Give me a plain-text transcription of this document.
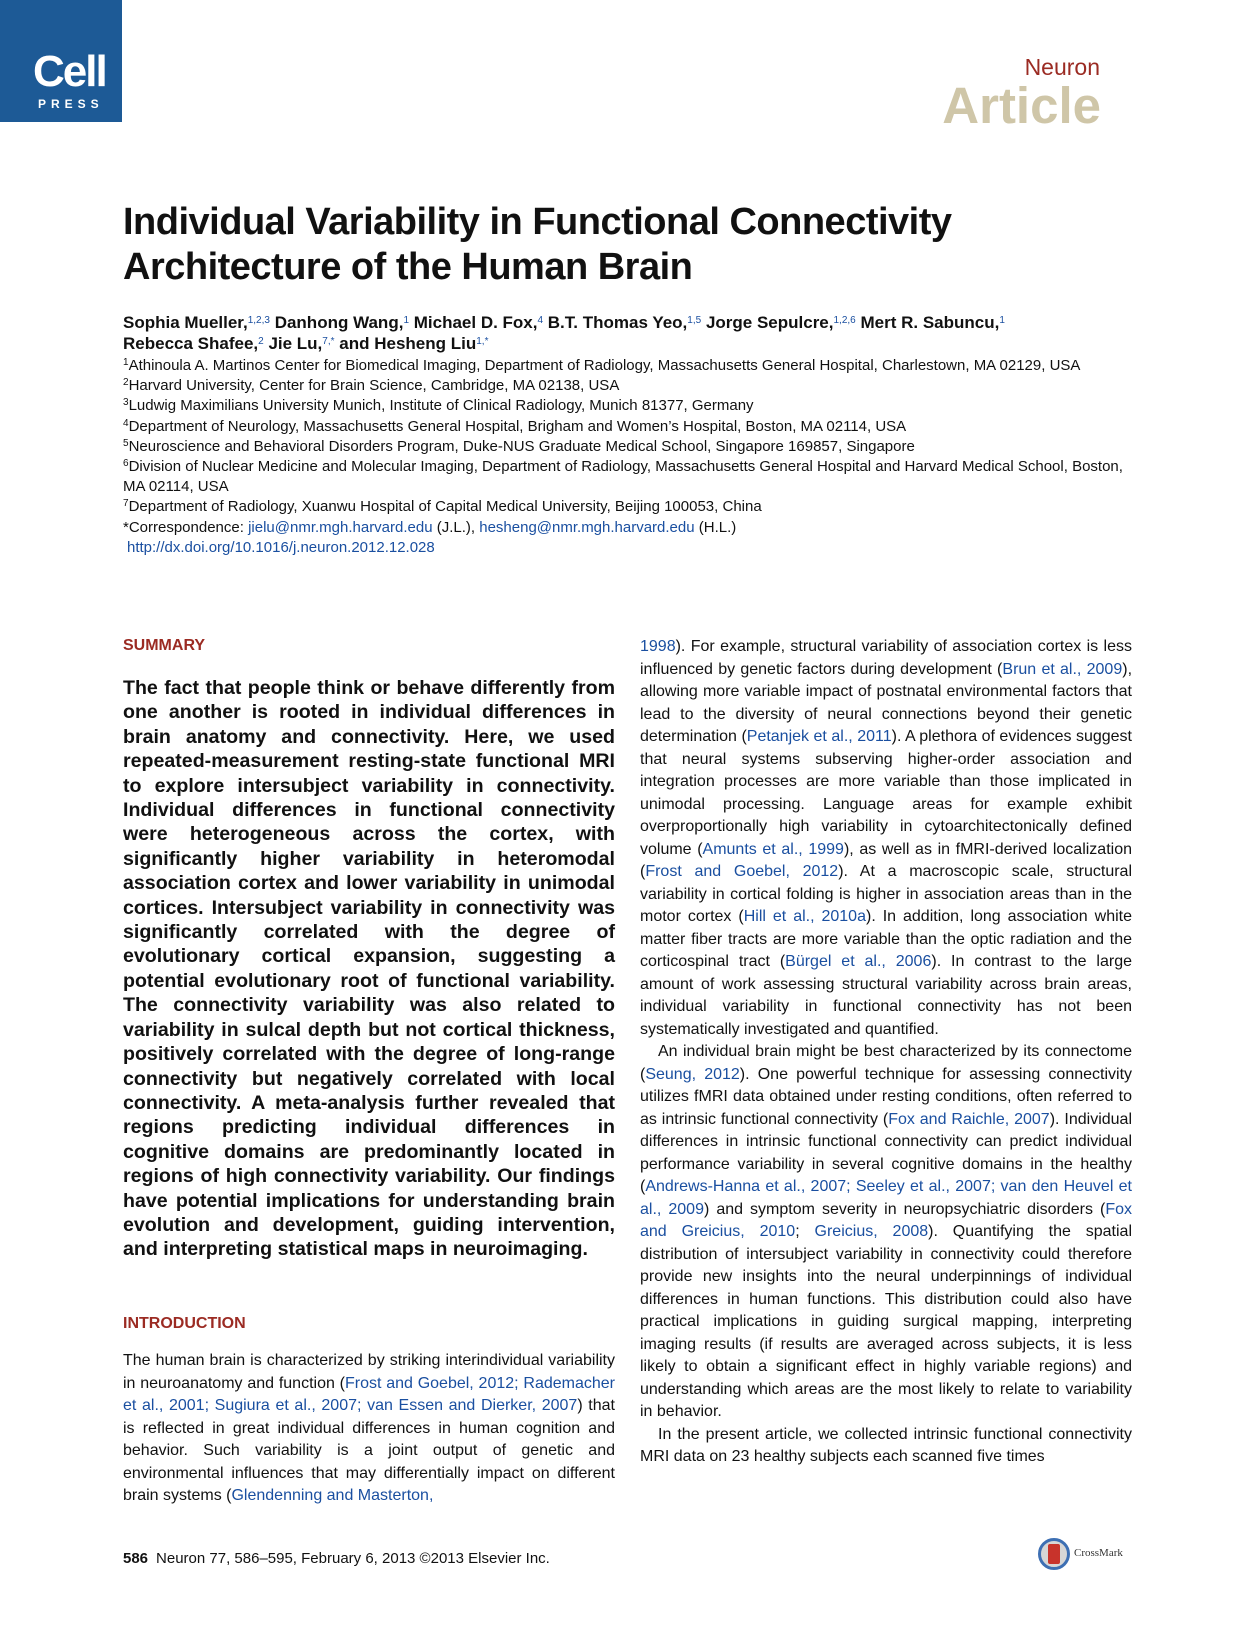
Cell
PRESS
Neuron
Article
Individual Variability in Functional Connectivity Architecture of the Human Brain
Sophia Mueller,$^{1,2,3}$ Danhong Wang,$^1$ Michael D. Fox,$^4$ B.T. Thomas Yeo,$^{1,5}$ Jorge Sepulcre,$^{1,2,6}$ Mert R. Sabuncu,$^1$
Rebecca Shafee,$^2$ Jie Lu,$^{7,*}$ and Hesheng Liu$^{1,*}$

$^1$Athinoula A. Martinos Center for Biomedical Imaging, Department of Radiology, Massachusetts General Hospital, Charlestown, MA 02129, USA

$^2$Harvard University, Center for Brain Science, Cambridge, MA 02138, USA

$^3$Ludwig Maximilians University Munich, Institute of Clinical Radiology, Munich 81377, Germany

$^4$Department of Neurology, Massachusetts General Hospital, Brigham and Women’s Hospital, Boston, MA 02114, USA

$^5$Neuroscience and Behavioral Disorders Program, Duke-NUS Graduate Medical School, Singapore 169857, Singapore

$^6$Division of Nuclear Medicine and Molecular Imaging, Department of Radiology, Massachusetts General Hospital and Harvard Medical School, Boston, MA 02114, USA

$^7$Department of Radiology, Xuanwu Hospital of Capital Medical University, Beijing 100053, China

*Correspondence: jielu@nmr.mgh.harvard.edu (J.L.), hesheng@nmr.mgh.harvard.edu (H.L.)

http://dx.doi.org/10.1016/j.neuron.2012.12.028

SUMMARY

The fact that people think or behave differently from one another is rooted in individual differences in brain anatomy and connectivity. Here, we used repeated-measurement resting-state functional MRI to explore intersubject variability in connectivity. Individual differences in functional connectivity were heterogeneous across the cortex, with significantly higher variability in heteromodal association cortex and lower variability in unimodal cortices. Intersubject variability in connectivity was significantly correlated with the degree of evolutionary cortical expansion, suggesting a potential evolutionary root of functional variability. The connectivity variability was also related to variability in sulcal depth but not cortical thickness, positively correlated with the degree of long-range connectivity but negatively correlated with local connectivity. A meta-analysis further revealed that regions predicting individual differences in cognitive domains are predominantly located in regions of high connectivity variability. Our findings have potential implications for understanding brain evolution and development, guiding intervention, and interpreting statistical maps in neuroimaging.

INTRODUCTION

The human brain is characterized by striking interindividual variability in neuroanatomy and function (Frost and Goebel, 2012; Rademacher et al., 2001; Sugiura et al., 2007; van Essen and Dierker, 2007) that is reflected in great individual differences in human cognition and behavior. Such variability is a joint output of genetic and environmental influences that may differentially impact on different brain systems (Glendenning and Masterton,

1998). For example, structural variability of association cortex is less influenced by genetic factors during development (Brun et al., 2009), allowing more variable impact of postnatal environmental factors that lead to the diversity of neural connections beyond their genetic determination (Petanjek et al., 2011). A plethora of evidences suggest that neural systems subserving higher-order association and integration processes are more variable than those implicated in unimodal processing. Language areas for example exhibit overproportionally high variability in cytoarchitectonically defined volume (Amunts et al., 1999), as well as in fMRI-derived localization (Frost and Goebel, 2012). At a macroscopic scale, structural variability in cortical folding is higher in association areas than in the motor cortex (Hill et al., 2010a). In addition, long association white matter fiber tracts are more variable than the optic radiation and the corticospinal tract (Bürgel et al., 2006). In contrast to the large amount of work assessing structural variability across brain areas, individual variability in functional connectivity has not been systematically investigated and quantified.

An individual brain might be best characterized by its connectome (Seung, 2012). One powerful technique for assessing connectivity utilizes fMRI data obtained under resting conditions, often referred to as intrinsic functional connectivity (Fox and Raichle, 2007). Individual differences in intrinsic functional connectivity can predict individual performance variability in several cognitive domains in the healthy (Andrews-Hanna et al., 2007; Seeley et al., 2007; van den Heuvel et al., 2009) and symptom severity in neuropsychiatric disorders (Fox and Greicius, 2010; Greicius, 2008). Quantifying the spatial distribution of intersubject variability in connectivity could therefore provide new insights into the neural underpinnings of individual differences in human functions. This distribution could also have practical implications in guiding surgical mapping, interpreting imaging results (if results are averaged across subjects, it is less likely to obtain a significant effect in highly variable regions) and understanding which areas are the most likely to relate to variability in behavior.

In the present article, we collected intrinsic functional connectivity MRI data on 23 healthy subjects each scanned five times

586 Neuron 77, 586–595, February 6, 2013 ©2013 Elsevier Inc.	CrossMark
